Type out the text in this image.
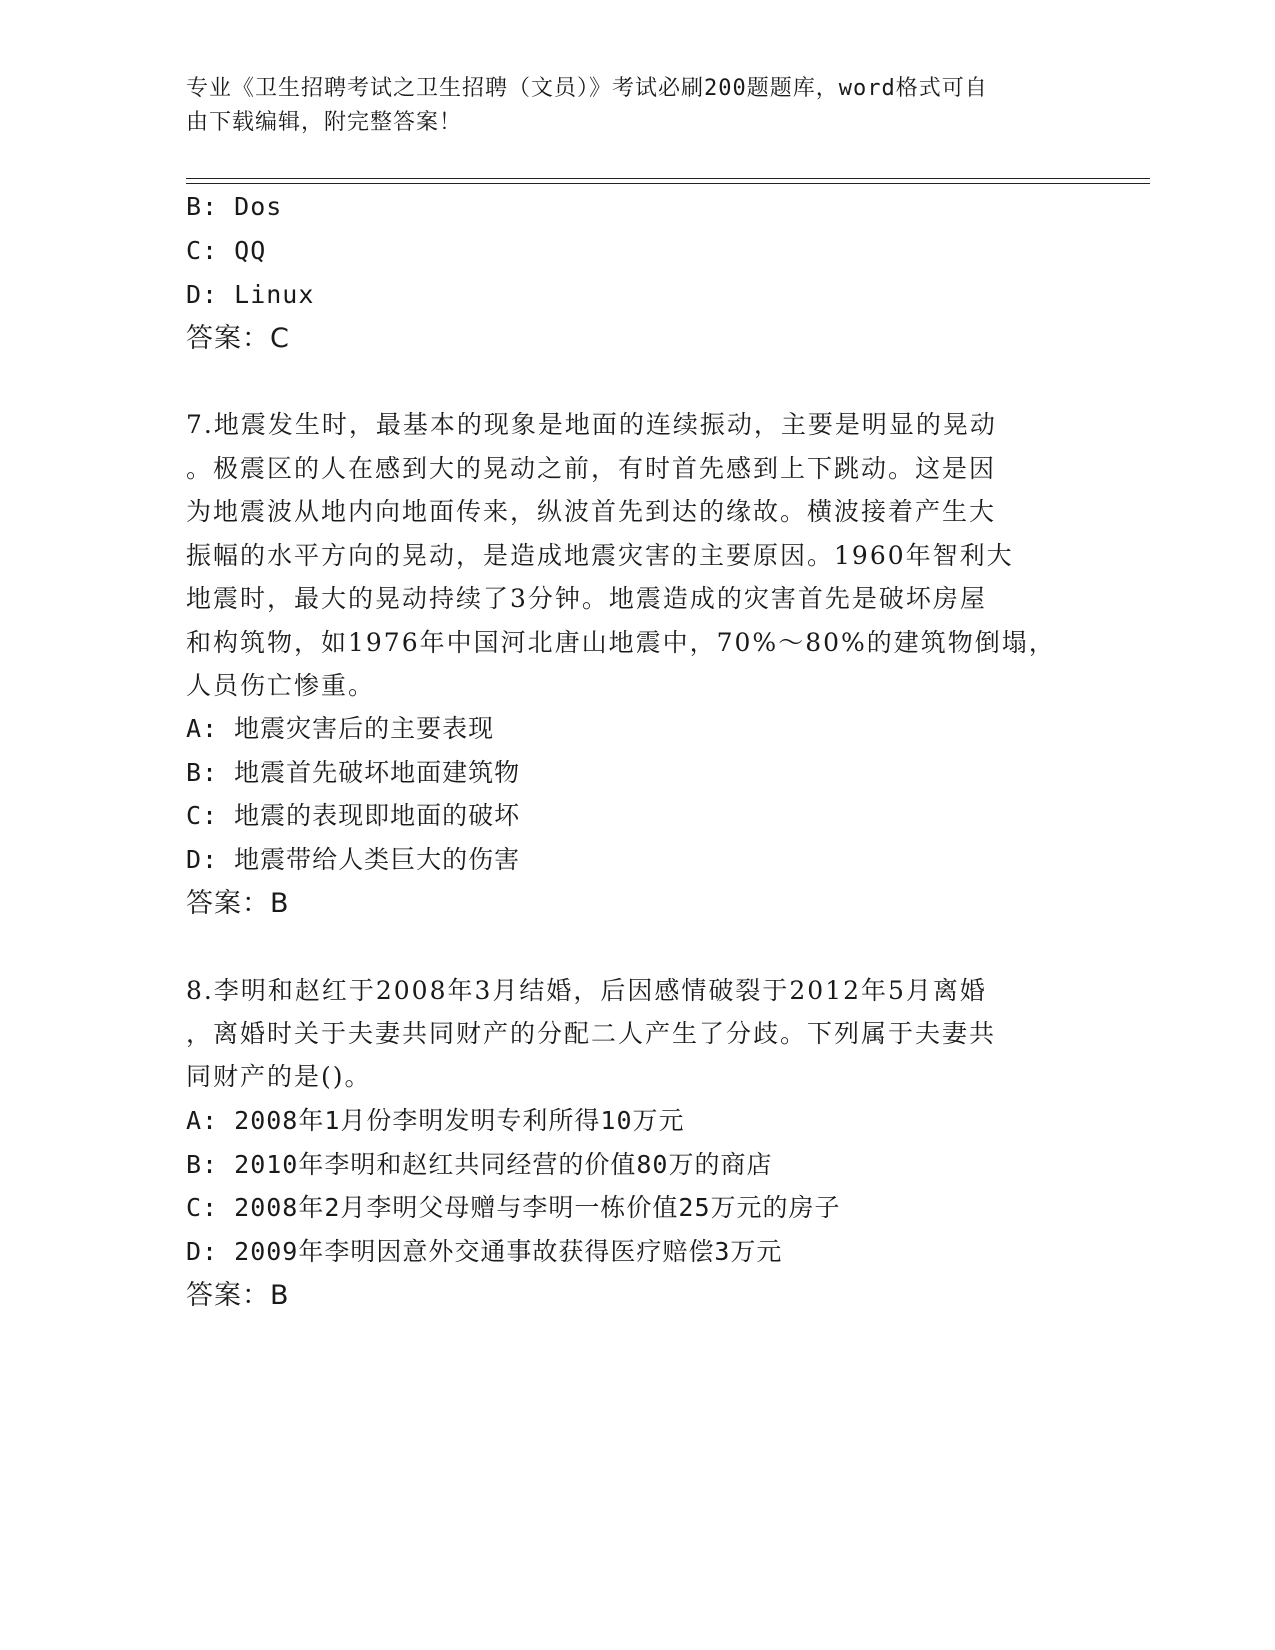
专业《卫生招聘考试之卫生招聘（文员）》考试必刷200题题库，word格式可自
由下载编辑，附完整答案！
B: Dos
C: QQ
D: Linux
答案：C
7.地震发生时，最基本的现象是地面的连续振动，主要是明显的晃动
。极震区的人在感到大的晃动之前，有时首先感到上下跳动。这是因
为地震波从地内向地面传来，纵波首先到达的缘故。横波接着产生大
振幅的水平方向的晃动，是造成地震灾害的主要原因。1960年智利大
地震时，最大的晃动持续了3分钟。地震造成的灾害首先是破坏房屋
和构筑物，如1976年中国河北唐山地震中，70%～80%的建筑物倒塌，
人员伤亡惨重。
A: 地震灾害后的主要表现
B: 地震首先破坏地面建筑物
C: 地震的表现即地面的破坏
D: 地震带给人类巨大的伤害
答案：B
8.李明和赵红于2008年3月结婚，后因感情破裂于2012年5月离婚
，离婚时关于夫妻共同财产的分配二人产生了分歧。下列属于夫妻共
同财产的是()。
A: 2008年1月份李明发明专利所得10万元
B: 2010年李明和赵红共同经营的价值80万的商店
C: 2008年2月李明父母赠与李明一栋价值25万元的房子
D: 2009年李明因意外交通事故获得医疗赔偿3万元
答案：B
